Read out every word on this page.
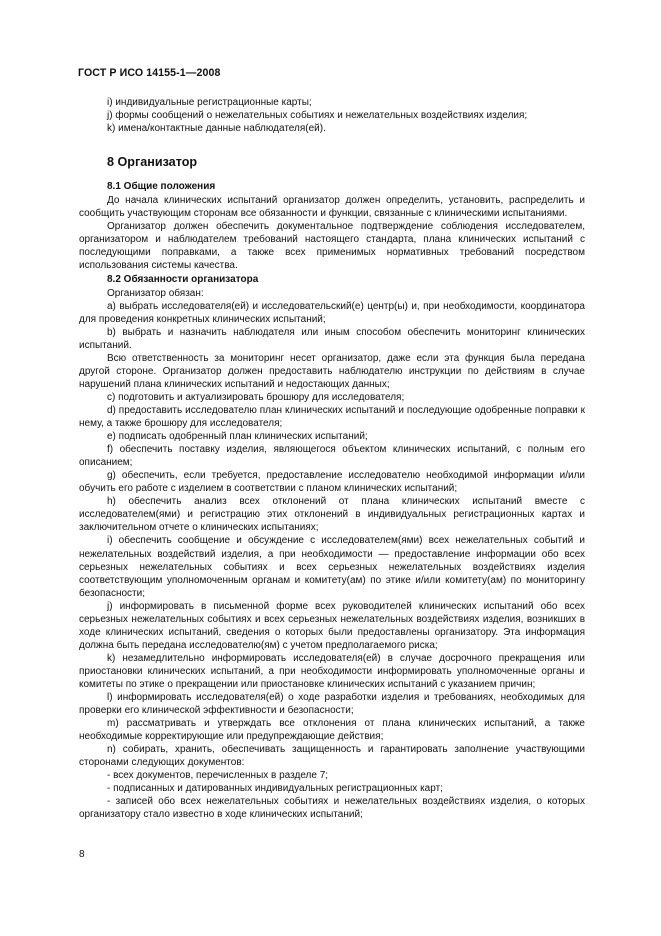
ГОСТ Р ИСО 14155-1—2008

i) индивидуальные регистрационные карты;

j) формы сообщений о нежелательных событиях и нежелательных воздействиях изделия;

k) имена/контактные данные наблюдателя(ей).

8 Организатор
8.1 Общие положения

До начала клинических испытаний организатор должен определить, установить, распределить и сообщить участвующим сторонам все обязанности и функции, связанные с клиническими испытаниями.

Организатор должен обеспечить документальное подтверждение соблюдения исследователем, организатором и наблюдателем требований настоящего стандарта, плана клинических испытаний с последующими поправками, а также всех применимых нормативных требований посредством использования системы качества.

8.2 Обязанности организатора

Организатор обязан:

а) выбрать исследователя(ей) и исследовательский(е) центр(ы) и, при необходимости, координатора для проведения конкретных клинических испытаний;

b) выбрать и назначить наблюдателя или иным способом обеспечить мониторинг клинических испытаний.

Всю ответственность за мониторинг несет организатор, даже если эта функция была передана другой стороне. Организатор должен предоставить наблюдателю инструкции по действиям в случае нарушений плана клинических испытаний и недостающих данных;

c) подготовить и актуализировать брошюру для исследователя;

d) предоставить исследователю план клинических испытаний и последующие одобренные поправки к нему, а также брошюру для исследователя;

e) подписать одобренный план клинических испытаний;

f) обеспечить поставку изделия, являющегося объектом клинических испытаний, с полным его описанием;

g) обеспечить, если требуется, предоставление исследователю необходимой информации и/или обучить его работе с изделием в соответствии с планом клинических испытаний;

h) обеспечить анализ всех отклонений от плана клинических испытаний вместе с исследователем(ями) и регистрацию этих отклонений в индивидуальных регистрационных картах и заключительном отчете о клинических испытаниях;

i) обеспечить сообщение и обсуждение с исследователем(ями) всех нежелательных событий и нежелательных воздействий изделия, а при необходимости — предоставление информации обо всех серьезных нежелательных событиях и всех серьезных нежелательных воздействиях изделия соответствующим уполномоченным органам и комитету(ам) по этике и/или комитету(ам) по мониторингу безопасности;

j) информировать в письменной форме всех руководителей клинических испытаний обо всех серьезных нежелательных событиях и всех серьезных нежелательных воздействиях изделия, возникших в ходе клинических испытаний, сведения о которых были предоставлены организатору. Эта информация должна быть передана исследователю(ям) с учетом предполагаемого риска;

k) незамедлительно информировать исследователя(ей) в случае досрочного прекращения или приостановки клинических испытаний, а при необходимости информировать уполномоченные органы и комитеты по этике о прекращении или приостановке клинических испытаний с указанием причин;

l) информировать исследователя(ей) о ходе разработки изделия и требованиях, необходимых для проверки его клинической эффективности и безопасности;

m) рассматривать и утверждать все отклонения от плана клинических испытаний, а также необходимые корректирующие или предупреждающие действия;

n) собирать, хранить, обеспечивать защищенность и гарантировать заполнение участвующими сторонами следующих документов:

- всех документов, перечисленных в разделе 7;

- подписанных и датированных индивидуальных регистрационных карт;

- записей обо всех нежелательных событиях и нежелательных воздействиях изделия, о которых организатору стало известно в ходе клинических испытаний;

8
